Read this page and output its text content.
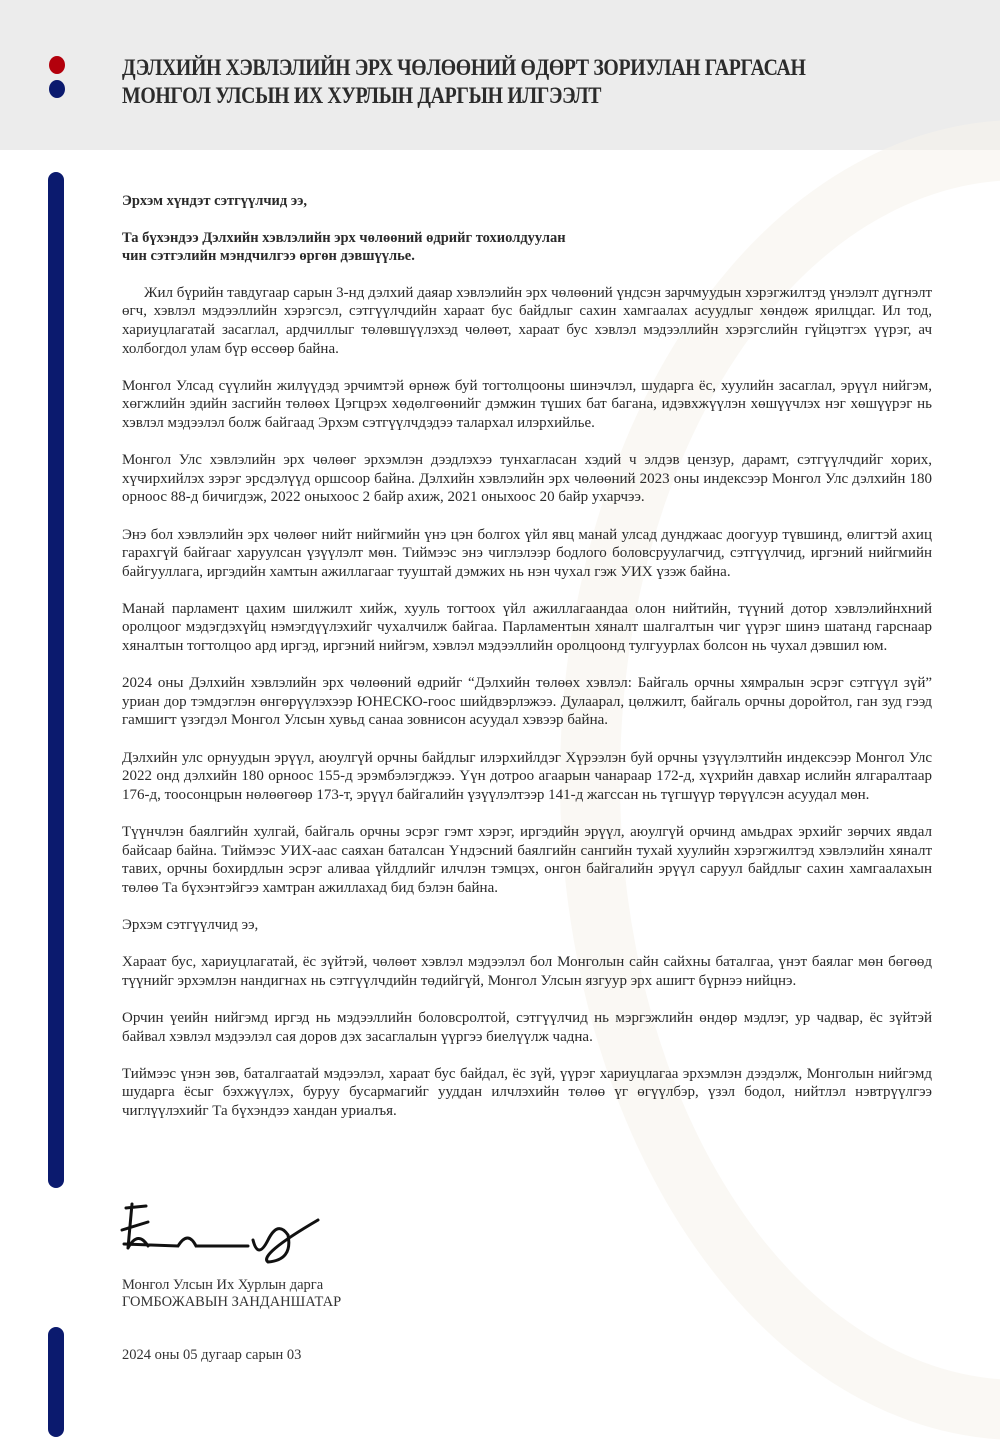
ДЭЛХИЙН ХЭВЛЭЛИЙН ЭРХ ЧӨЛӨӨНИЙ ӨДӨРТ ЗОРИУЛАН ГАРГАСАН
МОНГОЛ УЛСЫН ИХ ХУРЛЫН ДАРГЫН ИЛГЭЭЛТ

Эрхэм хүндэт сэтгүүлчид ээ,

Та бүхэндээ Дэлхийн хэвлэлийн эрх чөлөөний өдрийг тохиолдуулан
чин сэтгэлийн мэндчилгээ өргөн дэвшүүлье.

Жил бүрийн тавдугаар сарын 3-нд дэлхий даяар хэвлэлийн эрх чөлөөний үндсэн зарчмуудын хэрэгжилтэд үнэлэлт дүгнэлт өгч, хэвлэл мэдээллийн хэрэгсэл, сэтгүүлчдийн хараат бус байдлыг сахин хамгаалах асуудлыг хөндөж ярилцдаг. Ил тод, хариуцлагатай засаглал, ардчиллыг төлөвшүүлэхэд чөлөөт, хараат бус хэвлэл мэдээллийн хэрэгслийн гүйцэтгэх үүрэг, ач холбогдол улам бүр өссөөр байна.

Монгол Улсад сүүлийн жилүүдэд эрчимтэй өрнөж буй тогтолцооны шинэчлэл, шударга ёс, хуулийн засаглал, эрүүл нийгэм, хөгжлийн эдийн засгийн төлөөх Цэгцрэх хөдөлгөөнийг дэмжин түших бат багана, идэвхжүүлэн хөшүүчлэх нэг хөшүүрэг нь хэвлэл мэдээлэл болж байгаад Эрхэм сэтгүүлчдэдээ талархал илэрхийлье.

Монгол Улс хэвлэлийн эрх чөлөөг эрхэмлэн дээдлэхээ тунхагласан хэдий ч элдэв цензур, дарамт, сэтгүүлчдийг хорих, хүчирхийлэх зэрэг эрсдэлүүд оршсоор байна. Дэлхийн хэвлэлийн эрх чөлөөний 2023 оны индексээр Монгол Улс дэлхийн 180 орноос 88-д бичигдэж, 2022 оныхоос 2 байр ахиж, 2021 оныхоос 20 байр ухарчээ.

Энэ бол хэвлэлийн эрх чөлөөг нийт нийгмийн үнэ цэн болгох үйл явц манай улсад дунджаас доогуур түвшинд, өлигтэй ахиц гарахгүй байгааг харуулсан үзүүлэлт мөн. Тиймээс энэ чиглэлээр бодлого боловсруулагчид, сэтгүүлчид, иргэний нийгмийн байгууллага, иргэдийн хамтын ажиллагааг тууштай дэмжих нь нэн чухал гэж УИХ үзэж байна.

Манай парламент цахим шилжилт хийж, хууль тогтоох үйл ажиллагаандаа олон нийтийн, түүний дотор хэвлэлийнхний оролцоог мэдэгдэхүйц нэмэгдүүлэхийг чухалчилж байгаа. Парламентын хяналт шалгалтын чиг үүрэг шинэ шатанд гарснаар хяналтын тогтолцоо ард иргэд, иргэний нийгэм, хэвлэл мэдээллийн оролцоонд тулгуурлах болсон нь чухал дэвшил юм.

2024 оны Дэлхийн хэвлэлийн эрх чөлөөний өдрийг “Дэлхийн төлөөх хэвлэл: Байгаль орчны хямралын эсрэг сэтгүүл зүй” уриан дор тэмдэглэн өнгөрүүлэхээр ЮНЕСКО-гоос шийдвэрлэжээ. Дулаарал, цөлжилт, байгаль орчны доройтол, ган зуд гээд гамшигт үзэгдэл Монгол Улсын хувьд санаа зовнисон асуудал хэвээр байна.

Дэлхийн улс орнуудын эрүүл, аюулгүй орчны байдлыг илэрхийлдэг Хүрээлэн буй орчны үзүүлэлтийн индексээр Монгол Улс 2022 онд дэлхийн 180 орноос 155-д эрэмбэлэгджээ. Үүн дотроо агаарын чанараар 172-д, хүхрийн давхар ислийн ялгаралтаар 176-д, тоосонцрын нөлөөгөөр 173-т, эрүүл байгалийн үзүүлэлтээр 141-д жагссан нь түгшүүр төрүүлсэн асуудал мөн.

Түүнчлэн баялгийн хулгай, байгаль орчны эсрэг гэмт хэрэг, иргэдийн эрүүл, аюулгүй орчинд амьдрах эрхийг зөрчих явдал байсаар байна. Тиймээс УИХ-аас саяхан баталсан Үндэсний баялгийн сангийн тухай хуулийн хэрэгжилтэд хэвлэлийн хяналт тавих, орчны бохирдлын эсрэг аливаа үйлдлийг илчлэн тэмцэх, онгон байгалийн эрүүл саруул байдлыг сахин хамгаалахын төлөө Та бүхэнтэйгээ хамтран ажиллахад бид бэлэн байна.

Эрхэм сэтгүүлчид ээ,

Хараат бус, хариуцлагатай, ёс зүйтэй, чөлөөт хэвлэл мэдээлэл бол Монголын сайн сайхны баталгаа, үнэт баялаг мөн бөгөөд түүнийг эрхэмлэн нандигнах нь сэтгүүлчдийн төдийгүй, Монгол Улсын язгуур эрх ашигт бүрнээ нийцнэ.

Орчин үеийн нийгэмд иргэд нь мэдээллийн боловсролтой, сэтгүүлчид нь мэргэжлийн өндөр мэдлэг, ур чадвар, ёс зүйтэй байвал хэвлэл мэдээлэл сая доров дэх засаглалын үүргээ биелүүлж чадна.

Тиймээс үнэн зөв, баталгаатай мэдээлэл, хараат бус байдал, ёс зүй, үүрэг хариуцлагаа эрхэмлэн дээдэлж, Монголын нийгэмд шударга ёсыг бэхжүүлэх, буруу бусармагийг ууддан илчлэхийн төлөө үг өгүүлбэр, үзэл бодол, нийтлэл нэвтрүүлгээ чиглүүлэхийг Та бүхэндээ хандан уриалъя.

Монгол Улсын Их Хурлын дарга
ГОМБОЖАВЫН ЗАНДАНШАТАР
2024 оны 05 дугаар сарын 03
